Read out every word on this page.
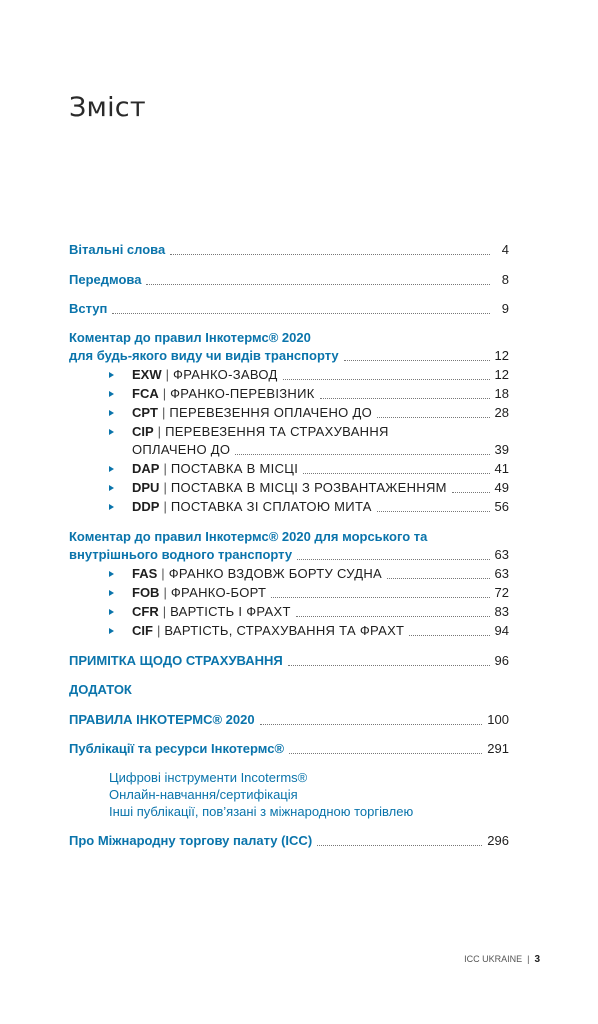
Зміст
Вітальні слова	4
Передмова	8
Вступ	9
Коментар до правил Інкотермс® 2020
для будь-якого виду чи видів транспорту	12
EXW | ФРАНКО-ЗАВОД	12
FCA | ФРАНКО-ПЕРЕВІЗНИК	18
CPT | ПЕРЕВЕЗЕННЯ ОПЛАЧЕНО ДО	28
CIP | ПЕРЕВЕЗЕННЯ ТА СТРАХУВАННЯ
ОПЛАЧЕНО ДО	39
DAP | ПОСТАВКА В МІСЦІ	41
DPU | ПОСТАВКА В МІСЦІ З РОЗВАНТАЖЕННЯМ	49
DDP | ПОСТАВКА ЗІ СПЛАТОЮ МИТА	56
Коментар до правил Інкотермс® 2020 для морського та
внутрішнього водного транспорту	63
FAS | ФРАНКО ВЗДОВЖ БОРТУ СУДНА	63
FOB | ФРАНКО-БОРТ	72
CFR | ВАРТІСТЬ І ФРАХТ	83
CIF | ВАРТІСТЬ, СТРАХУВАННЯ ТА ФРАХТ	94
ПРИМІТКА ЩОДО СТРАХУВАННЯ	96
ДОДАТОК
ПРАВИЛА ІНКОТЕРМС® 2020	100
Публікації та ресурси Інкотермс®	291
Цифрові інструменти Incoterms®
Онлайн-навчання/сертифікація
Інші публікації, пов’язані з міжнародною торгівлею
Про Міжнародну торгову палату (ICC)	296
ICC UKRAINE | 3
